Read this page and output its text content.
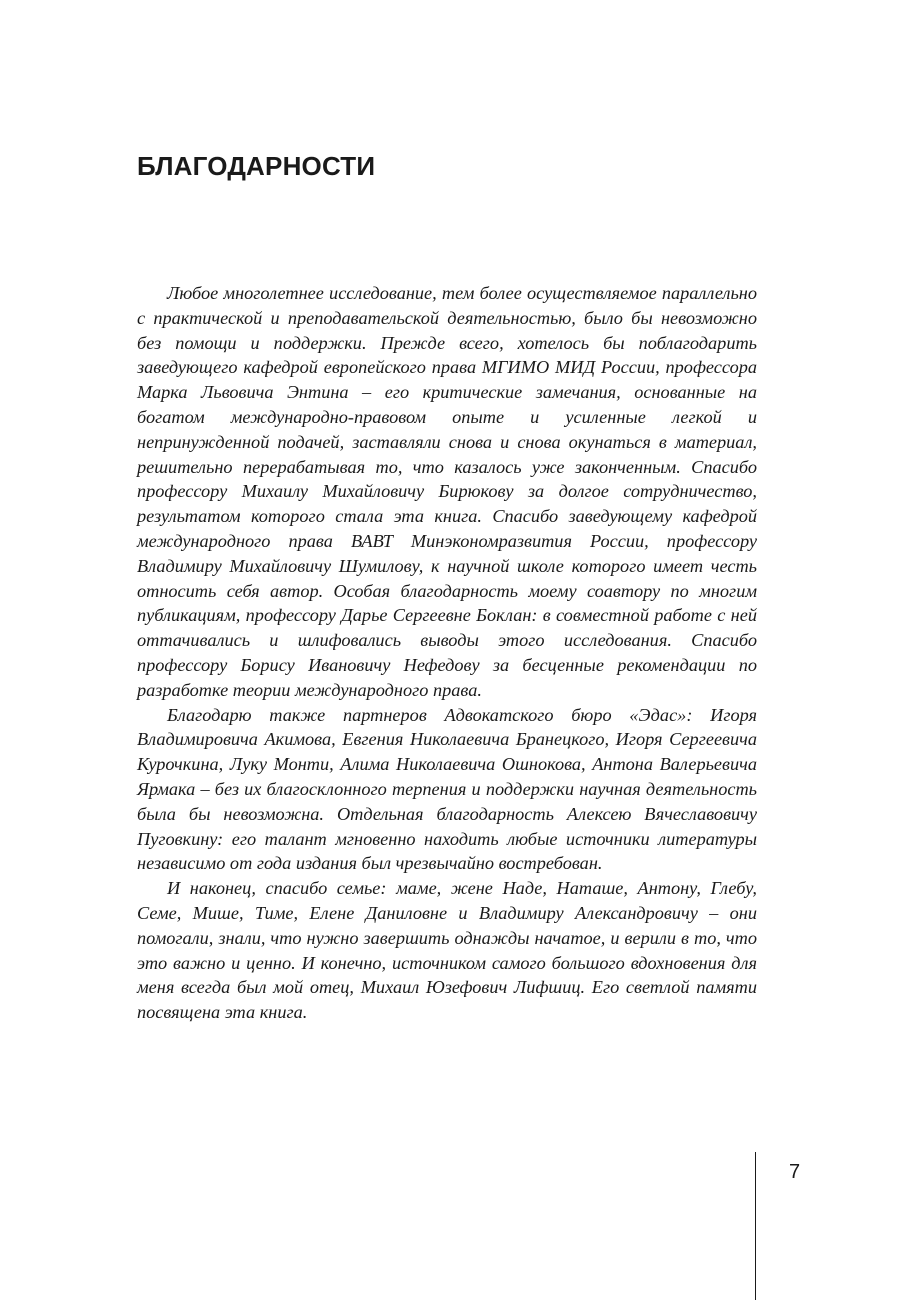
БЛАГОДАРНОСТИ

Любое многолетнее исследование, тем более осуществляемое параллельно с практической и преподавательской деятельностью, было бы невозможно без помощи и поддержки. Прежде всего, хотелось бы поблагодарить заведующего кафедрой европейского права МГИМО МИД России, профессора Марка Львовича Энтина – его критические замечания, основанные на богатом международно-правовом опыте и усиленные легкой и непринужденной подачей, заставляли снова и снова окунаться в материал, решительно перерабатывая то, что казалось уже законченным. Спасибо профессору Михаилу Михайловичу Бирюкову за долгое сотрудничество, результатом которого стала эта книга. Спасибо заведующему кафедрой международного права ВАВТ Минэкономразвития России, профессору Владимиру Михайловичу Шумилову, к научной школе которого имеет честь относить себя автор. Особая благодарность моему соавтору по многим публикациям, профессору Дарье Сергеевне Боклан: в совместной работе с ней оттачивались и шлифовались выводы этого исследования. Спасибо профессору Борису Ивановичу Нефедову за бесценные рекомендации по разработке теории международного права.

Благодарю также партнеров Адвокатского бюро «Эдас»: Игоря Владимировича Акимова, Евгения Николаевича Бранецкого, Игоря Сергеевича Курочкина, Луку Монти, Алима Николаевича Ошнокова, Антона Валерьевича Ярмака – без их благосклонного терпения и поддержки научная деятельность была бы невозможна. Отдельная благодарность Алексею Вячеславовичу Пуговкину: его талант мгновенно находить любые источники литературы независимо от года издания был чрезвычайно востребован.

И наконец, спасибо семье: маме, жене Наде, Наташе, Антону, Глебу, Семе, Мише, Тиме, Елене Даниловне и Владимиру Александровичу – они помогали, знали, что нужно завершить однажды начатое, и верили в то, что это важно и ценно. И конечно, источником самого большого вдохновения для меня всегда был мой отец, Михаил Юзефович Лифшиц. Его светлой памяти посвящена эта книга.

7
